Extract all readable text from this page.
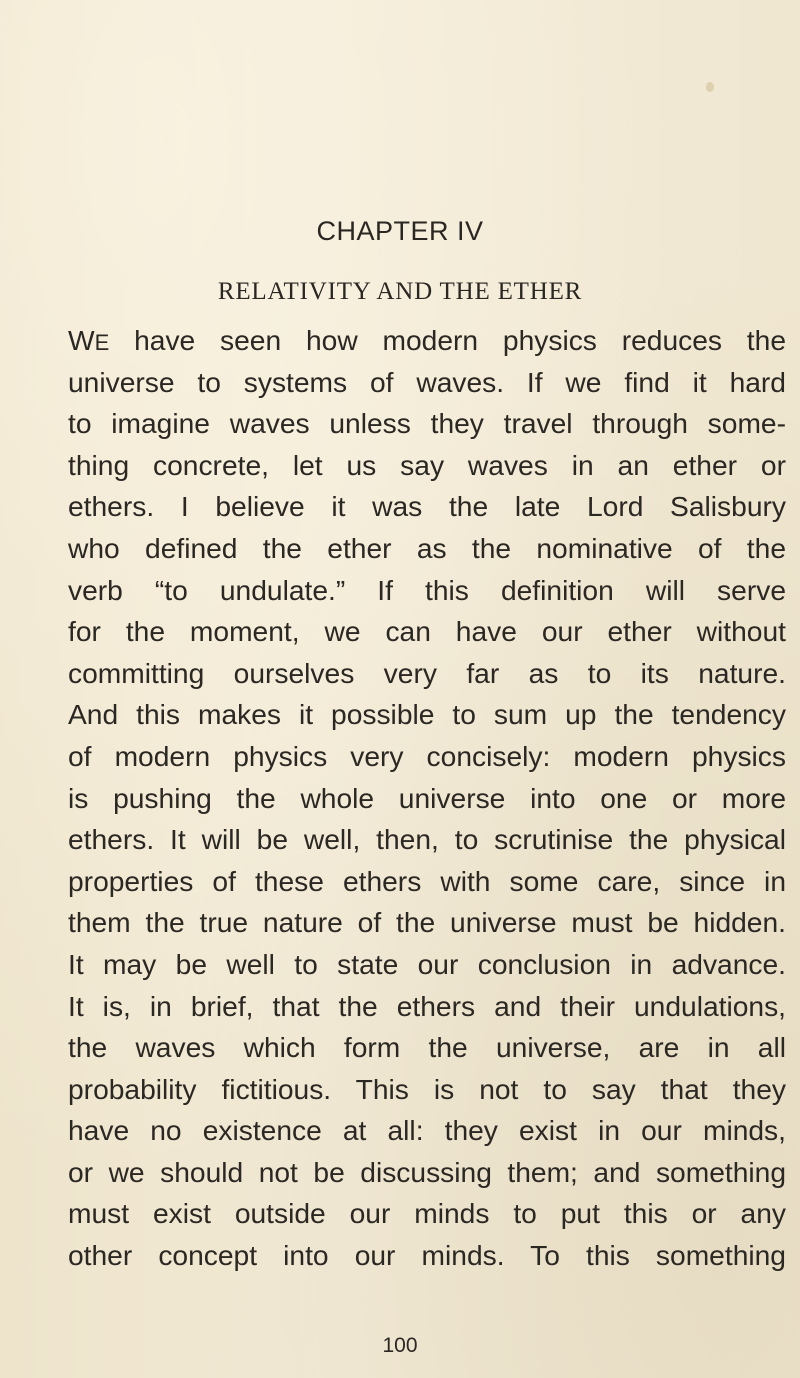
CHAPTER IV
RELATIVITY AND THE ETHER
WE have seen how modern physics reduces the
universe to systems of waves. If we find it hard
to imagine waves unless they travel through some-
thing concrete, let us say waves in an ether or
ethers. I believe it was the late Lord Salisbury
who defined the ether as the nominative of the
verb “to undulate.” If this definition will serve
for the moment, we can have our ether without
committing ourselves very far as to its nature.
And this makes it possible to sum up the tendency
of modern physics very concisely: modern physics
is pushing the whole universe into one or more
ethers. It will be well, then, to scrutinise the physical
properties of these ethers with some care, since in
them the true nature of the universe must be hidden.
It may be well to state our conclusion in advance.
It is, in brief, that the ethers and their undulations,
the waves which form the universe, are in all
probability fictitious. This is not to say that they
have no existence at all: they exist in our minds,
or we should not be discussing them; and something
must exist outside our minds to put this or any
other concept into our minds. To this something
100
